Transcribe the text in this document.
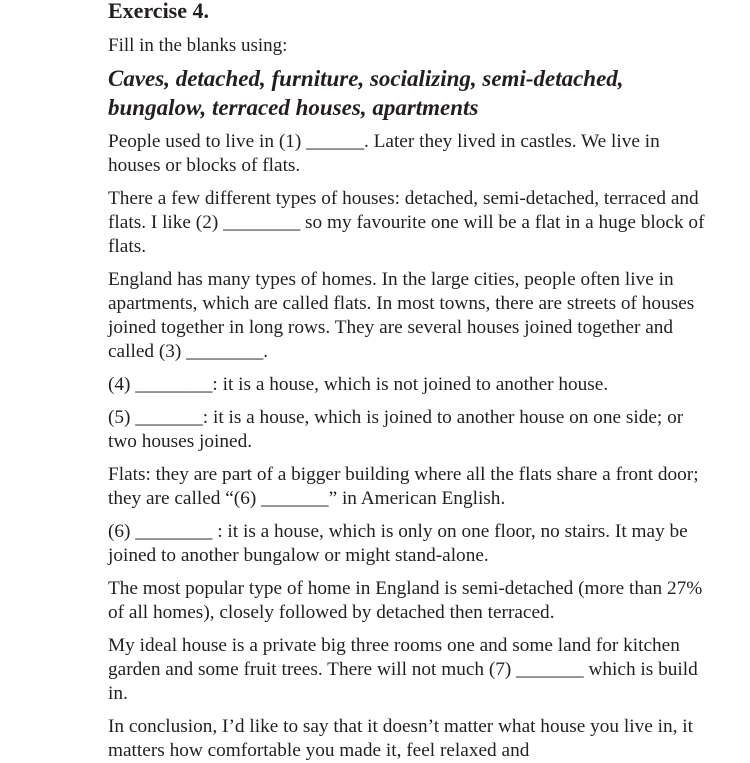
Exercise 4.

Fill in the blanks using:

Caves, detached, furniture, socializing, semi-detached, bungalow, terraced houses, apartments

People used to live in (1) ______. Later they lived in castles. We live in houses or blocks of flats.

There a few different types of houses: detached, semi-detached, terraced and flats. I like (2) ________ so my favourite one will be a flat in a huge block of flats.

England has many types of homes. In the large cities, people often live in apartments, which are called flats. In most towns, there are streets of houses joined together in long rows. They are several houses joined together and called (3) ________.

(4) ________: it is a house, which is not joined to another house.

(5) _______: it is a house, which is joined to another house on one side; or two houses joined.

Flats: they are part of a bigger building where all the flats share a front door; they are called “(6) _______” in American English.

(6) ________ : it is a house, which is only on one floor, no stairs. It may be joined to another bungalow or might stand-alone.

The most popular type of home in England is semi-detached (more than 27% of all homes), closely followed by detached then terraced.

My ideal house is a private big three rooms one and some land for kitchen garden and some fruit trees. There will not much (7) _______ which is build in.

In conclusion, I’d like to say that it doesn’t matter what house you live in, it matters how comfortable you made it, feel relaxed and
